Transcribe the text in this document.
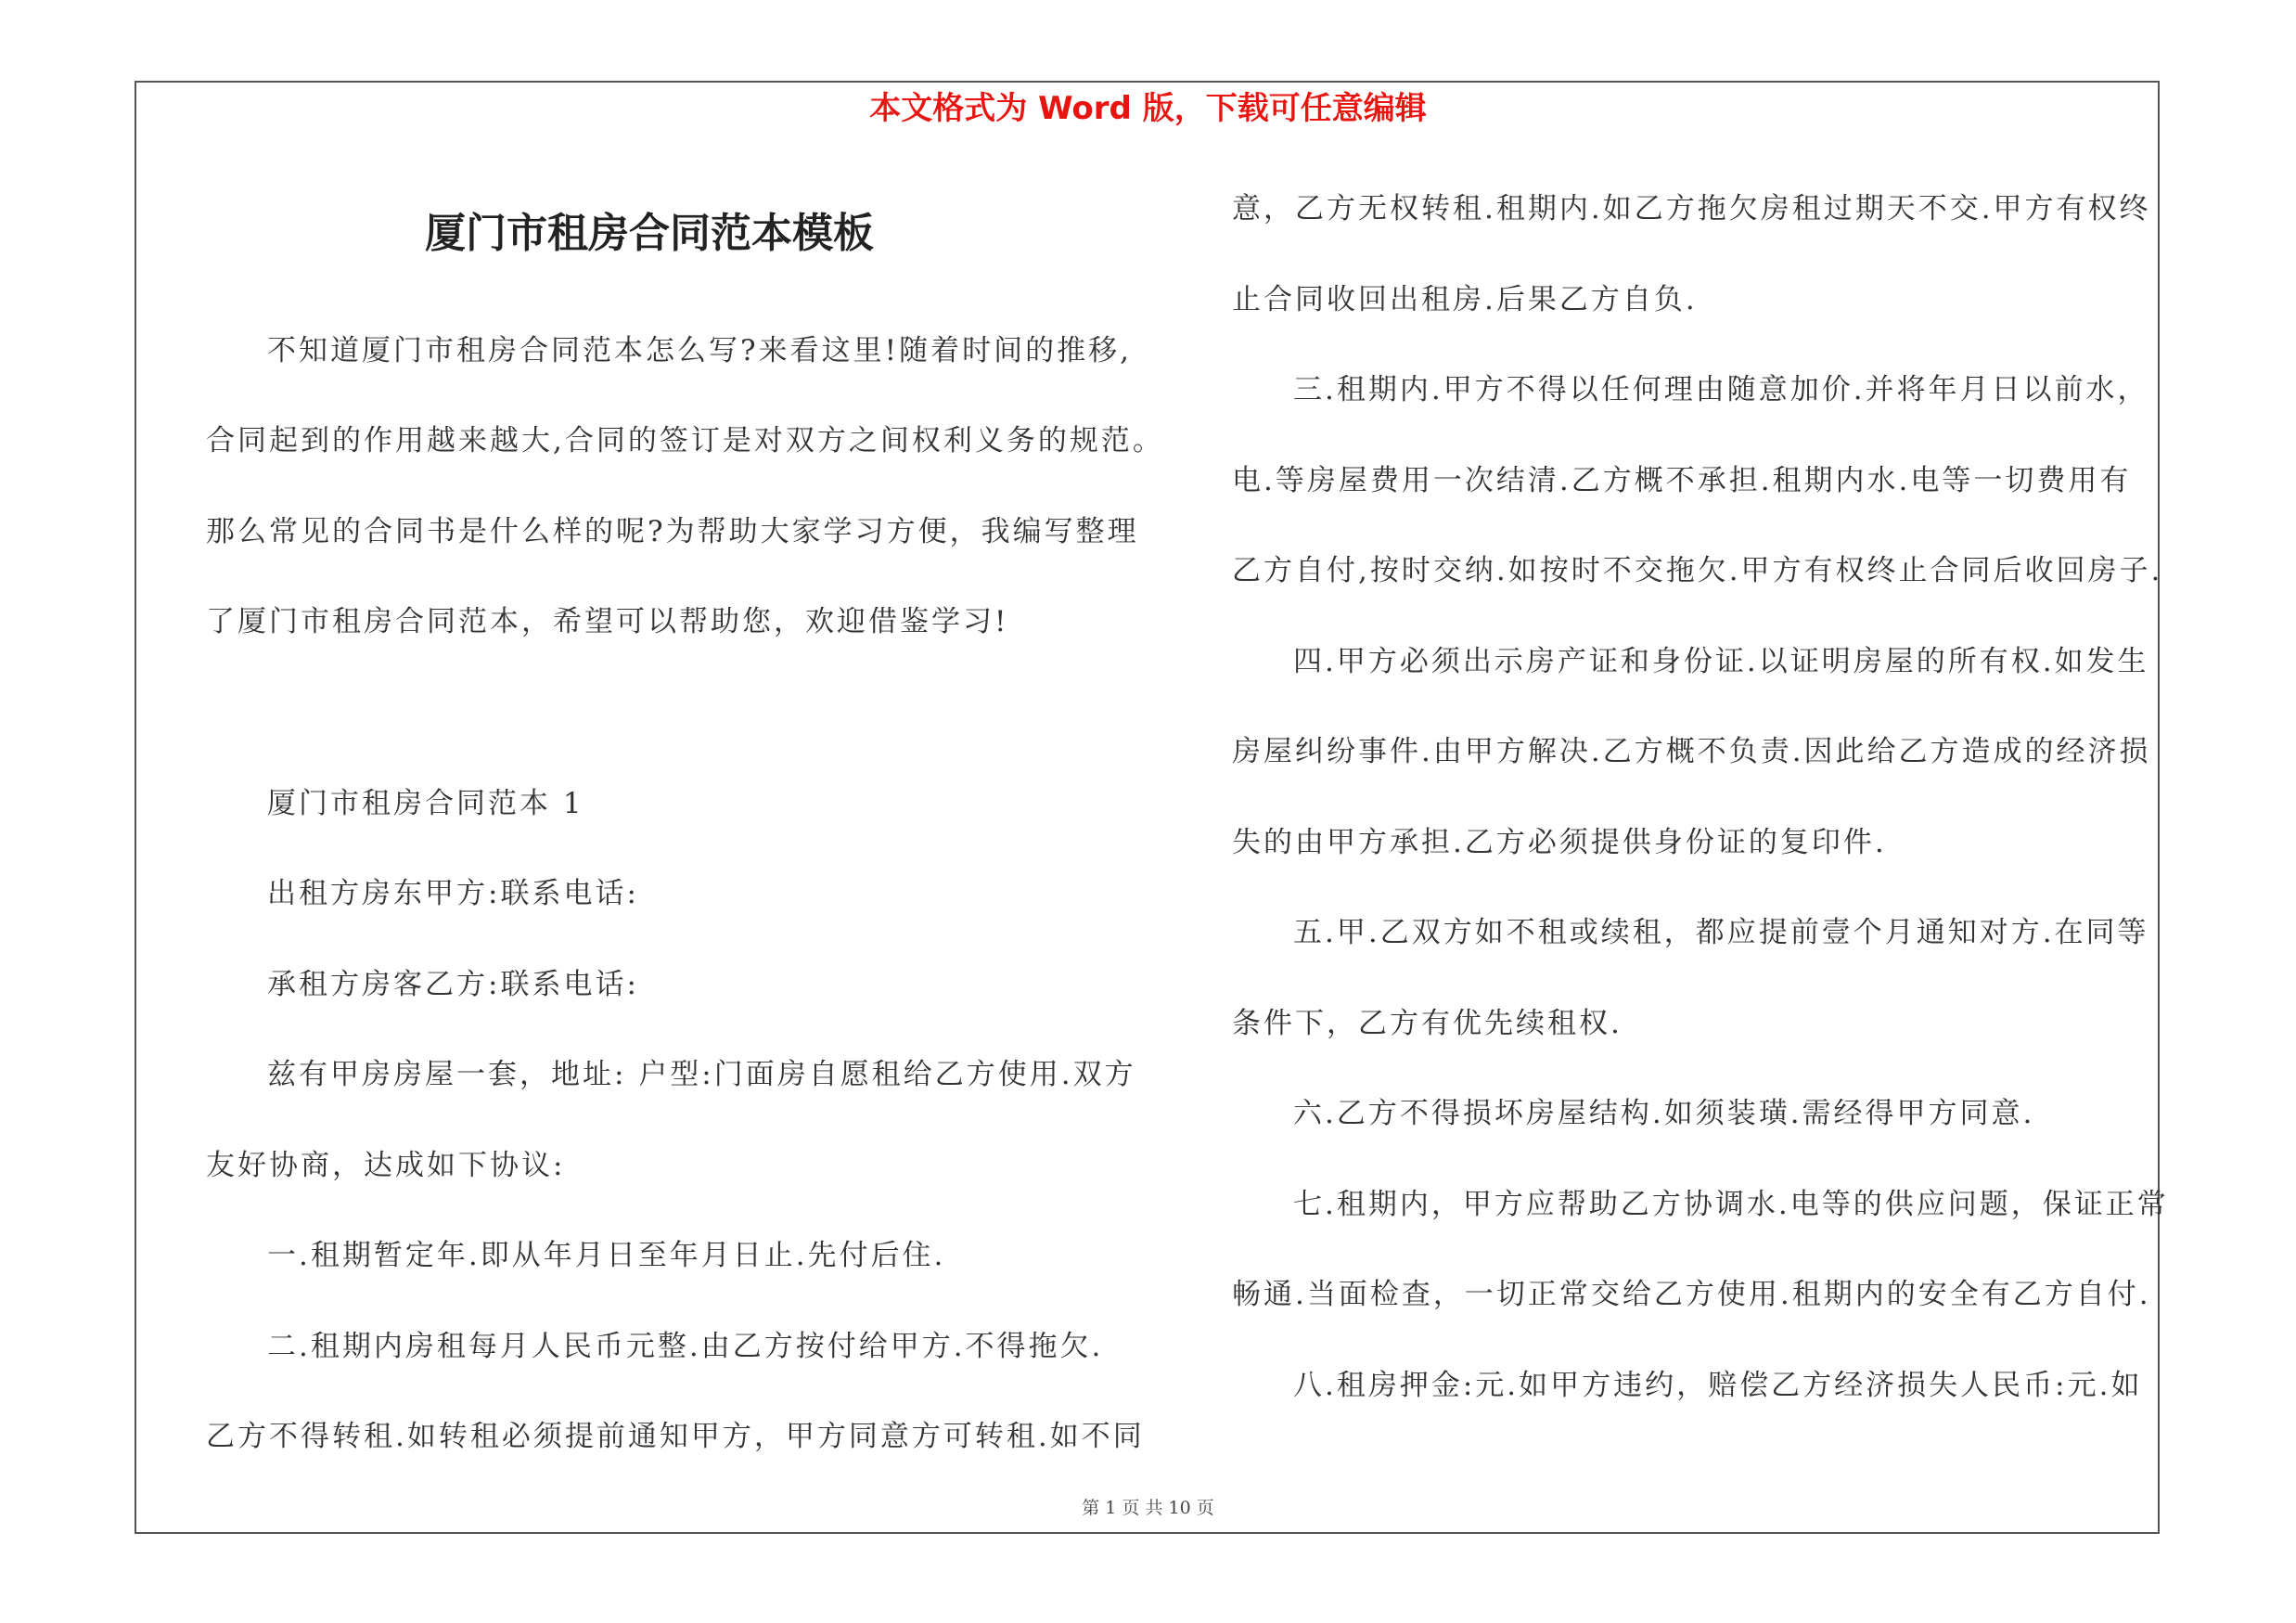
本文格式为 Word 版，下载可任意编辑
厦门市租房合同范本模板
不知道厦门市租房合同范本怎么写?来看这里!随着时间的推移,
合同起到的作用越来越大,合同的签订是对双方之间权利义务的规范。
那么常见的合同书是什么样的呢?为帮助大家学习方便，我编写整理
了厦门市租房合同范本，希望可以帮助您，欢迎借鉴学习!
厦门市租房合同范本 1
出租方房东甲方:联系电话:
承租方房客乙方:联系电话:
兹有甲房房屋一套，地址: 户型:门面房自愿租给乙方使用.双方
友好协商，达成如下协议:
一.租期暂定年.即从年月日至年月日止.先付后住.
二.租期内房租每月人民币元整.由乙方按付给甲方.不得拖欠.
乙方不得转租.如转租必须提前通知甲方，甲方同意方可转租.如不同
意，乙方无权转租.租期内.如乙方拖欠房租过期天不交.甲方有权终
止合同收回出租房.后果乙方自负.
三.租期内.甲方不得以任何理由随意加价.并将年月日以前水，
电.等房屋费用一次结清.乙方概不承担.租期内水.电等一切费用有
乙方自付,按时交纳.如按时不交拖欠.甲方有权终止合同后收回房子.
四.甲方必须出示房产证和身份证.以证明房屋的所有权.如发生
房屋纠纷事件.由甲方解决.乙方概不负责.因此给乙方造成的经济损
失的由甲方承担.乙方必须提供身份证的复印件.
五.甲.乙双方如不租或续租，都应提前壹个月通知对方.在同等
条件下，乙方有优先续租权.
六.乙方不得损坏房屋结构.如须装璜.需经得甲方同意.
七.租期内，甲方应帮助乙方协调水.电等的供应问题，保证正常
畅通.当面检查，一切正常交给乙方使用.租期内的安全有乙方自付.
八.租房押金:元.如甲方违约，赔偿乙方经济损失人民币:元.如
第 1 页 共 10 页
